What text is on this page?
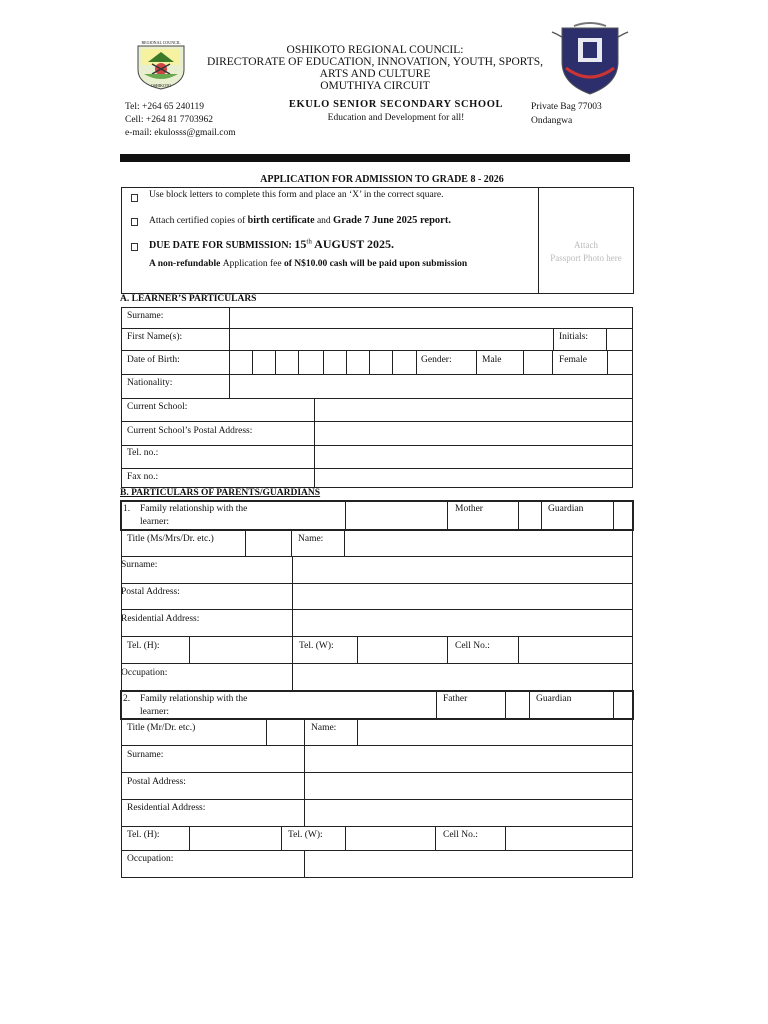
REGIONAL COUNCIL
OSHIKOTO
OSHIKOTO REGIONAL COUNCIL:
DIRECTORATE OF EDUCATION, INNOVATION, YOUTH, SPORTS,
ARTS AND CULTURE
OMUTHIYA CIRCUIT
Tel: +264 65 240119
Cell: +264 81 7703962
e-mail: ekulosss@gmail.com
EKULO SENIOR SECONDARY SCHOOL
Education and Development for all!
Private Bag 77003
Ondangwa
APPLICATION FOR ADMISSION TO GRADE 8 - 2026
Attach
Passport Photo here
Use block letters to complete this form and place an ‘X’ in the correct square.
Attach certified copies of birth certificate and Grade 7 June 2025 report.
DUE DATE FOR SUBMISSION: 15th AUGUST 2025.
A non-refundable Application fee of N$10.00 cash will be paid upon submission
A. LEARNER’S PARTICULARS
Surname:
First Name(s):	Initials:
Date of Birth:	Gender:	Male	Female
Nationality:
Current School:
Current School’s Postal Address:
Tel. no.:
Fax no.:
B. PARTICULARS OF PARENTS/GUARDIANS
1. Family relationship with the
learner:
Mother	Guardian
Title (Ms/Mrs/Dr. etc.)	Name:
Surname:
Postal Address:
Residential Address:
Tel. (H):	Tel. (W):	Cell No.:
Occupation:
2. Family relationship with the
learner:
Father	Guardian
Title (Mr/Dr. etc.)	Name:
Surname:
Postal Address:
Residential Address:
Tel. (H):	Tel. (W):	Cell No.:
Occupation:
